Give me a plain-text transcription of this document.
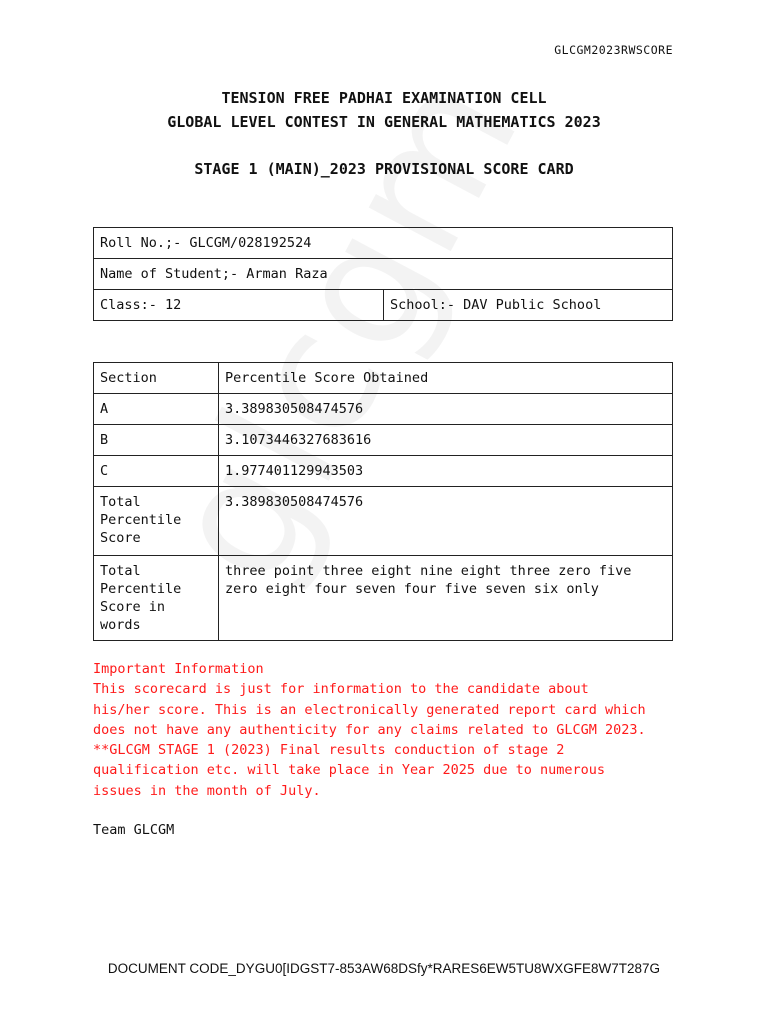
GLCGM2023RWSCORE
TENSION FREE PADHAI EXAMINATION CELL
GLOBAL LEVEL CONTEST IN GENERAL MATHEMATICS 2023
STAGE 1 (MAIN)_2023 PROVISIONAL SCORE CARD
Roll No.;- GLCGM/028192524
Name of Student;- Arman Raza
Class:- 12	School:- DAV Public School
Section	Percentile Score Obtained
A	3.389830508474576
B	3.1073446327683616
C	1.977401129943503
Total Percentile Score	3.389830508474576
Total Percentile Score in words	three point three eight nine eight three zero five zero eight four seven four five seven six only
Important Information
This scorecard is just for information to the candidate about
his/her score. This is an electronically generated report card which
does not have any authenticity for any claims related to GLCGM 2023.
**GLCGM STAGE 1 (2023) Final results conduction of stage 2
qualification etc. will take place in Year 2025 due to numerous
issues in the month of July.
Team GLCGM
DOCUMENT CODE_DYGU0[IDGST7-853AW68DSfy*RARES6EW5TU8WXGFE8W7T287G
